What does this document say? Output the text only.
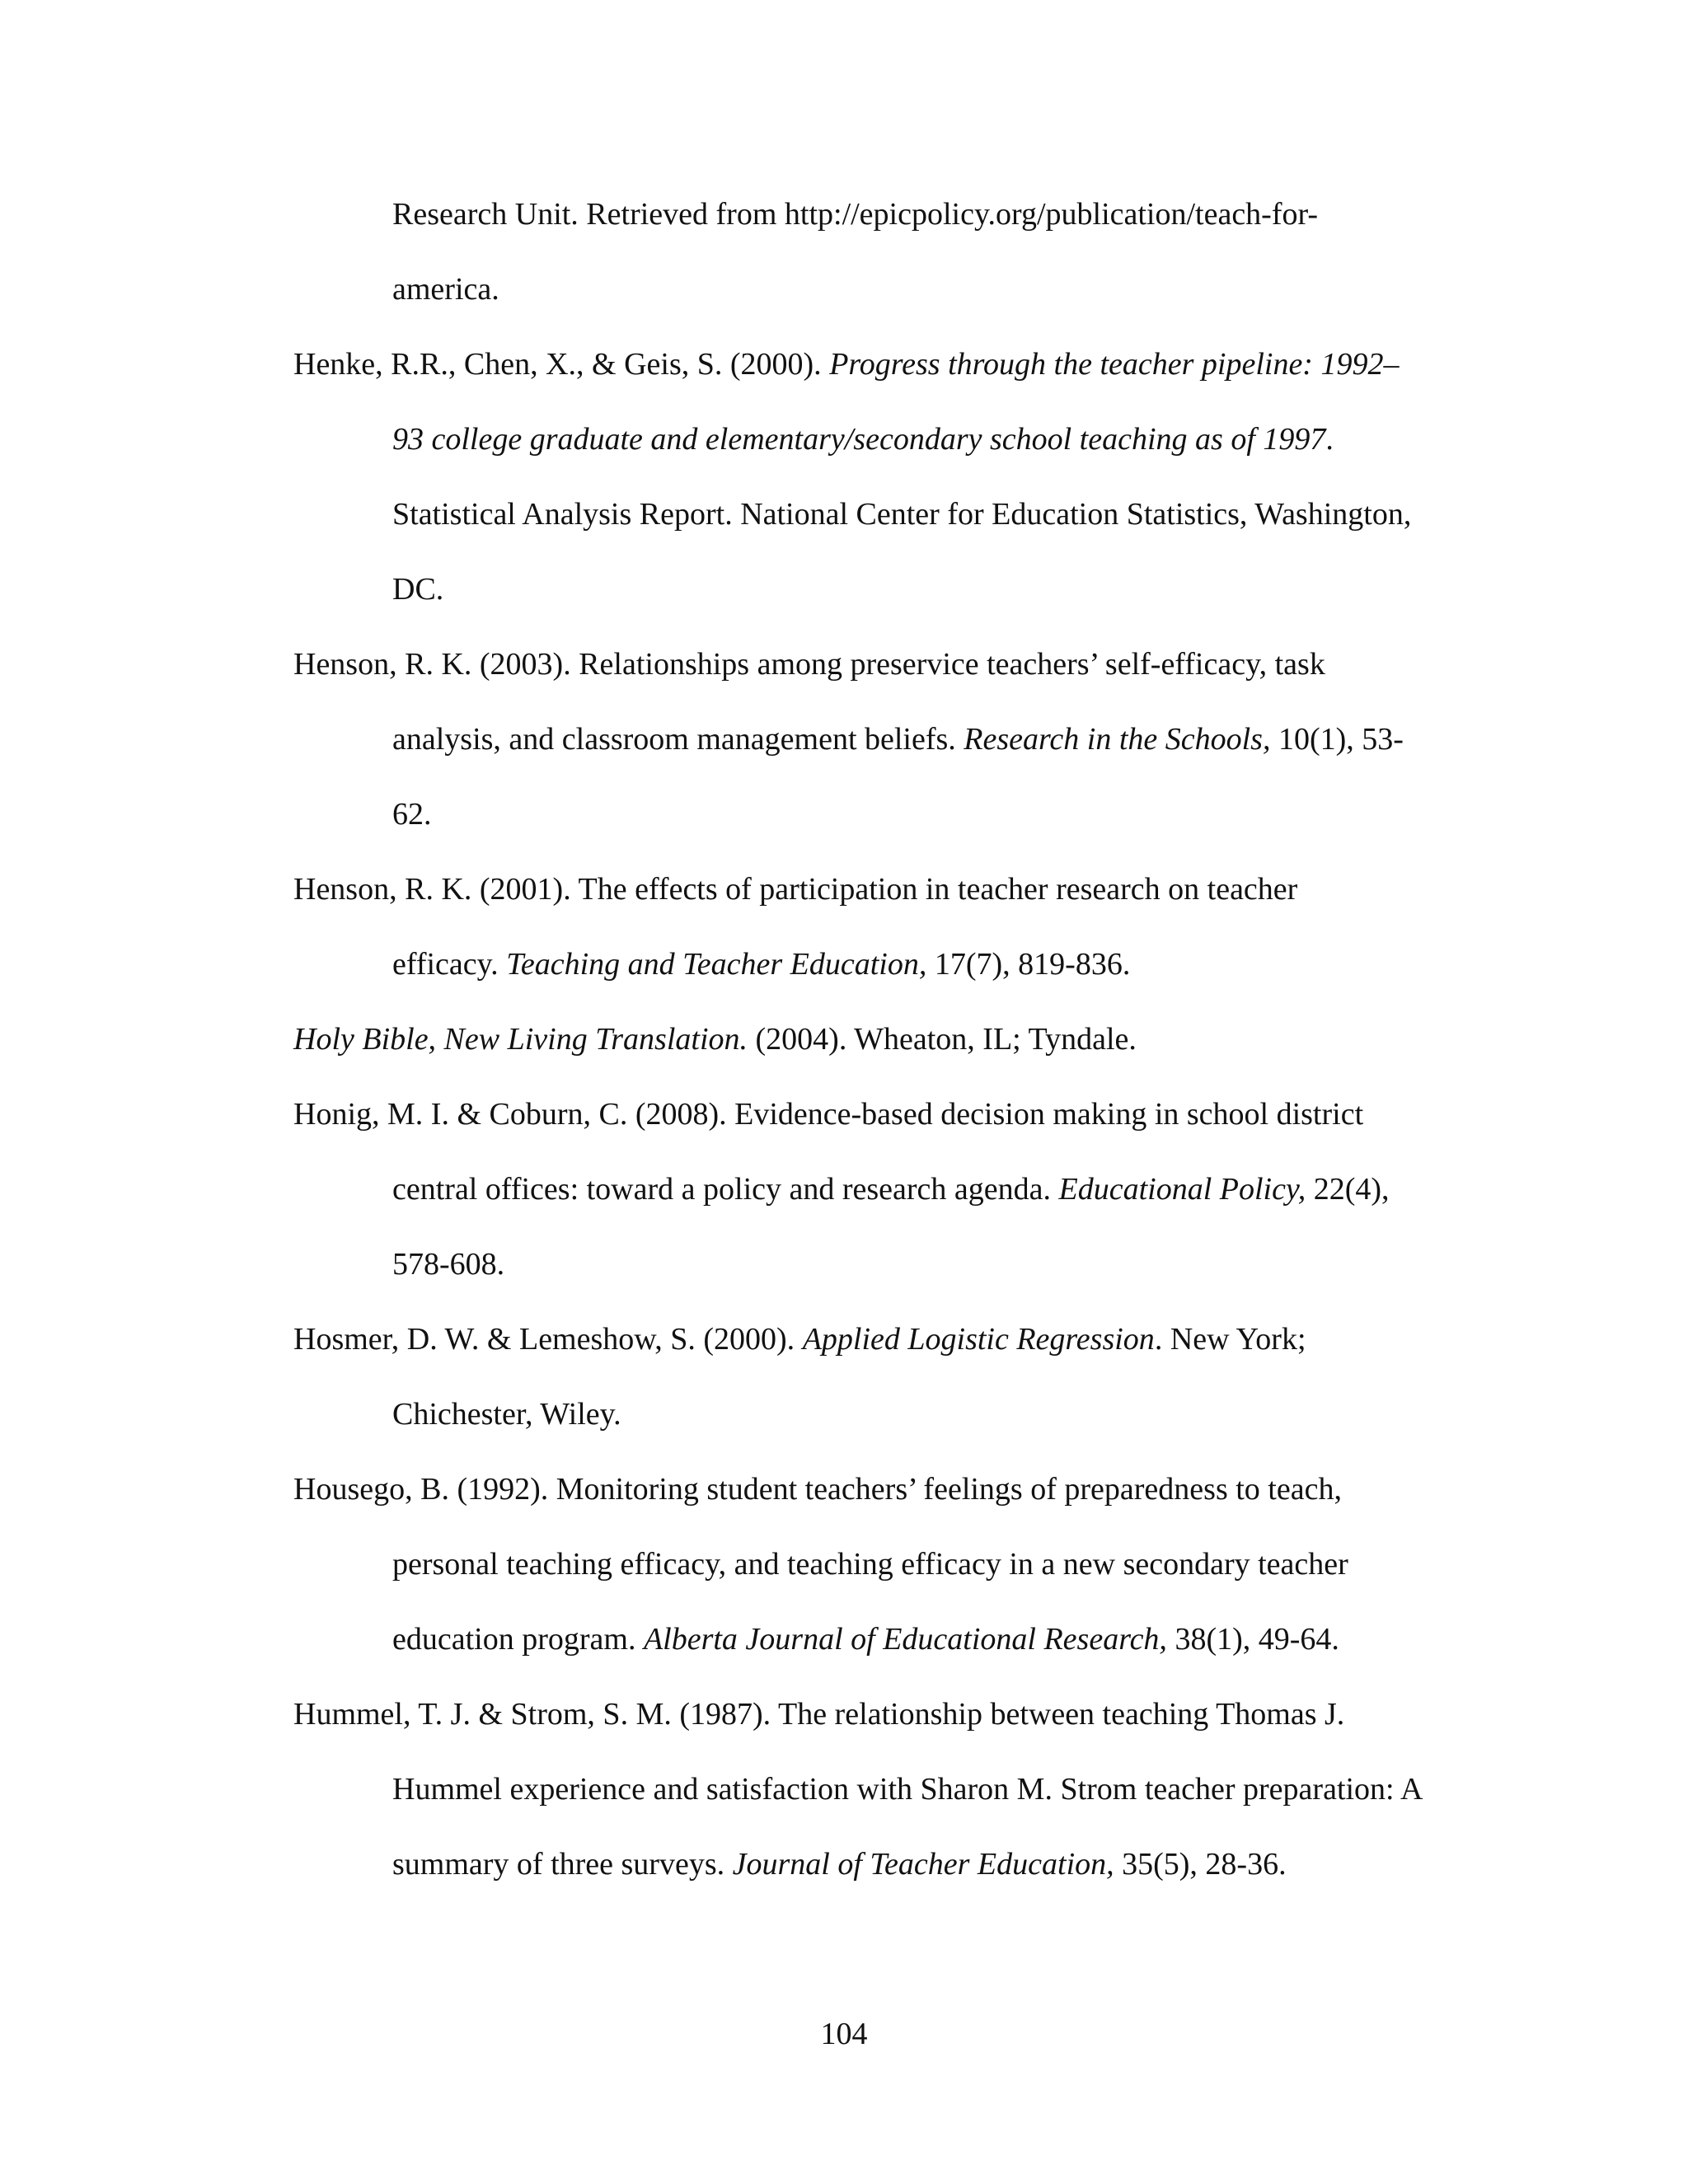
Research Unit. Retrieved from http://epicpolicy.org/publication/teach-for-
america.
Henke, R.R., Chen, X., & Geis, S. (2000). Progress through the teacher pipeline: 1992–
93 college graduate and elementary/secondary school teaching as of 1997.
Statistical Analysis Report. National Center for Education Statistics, Washington,
DC.
Henson, R. K. (2003). Relationships among preservice teachers’ self-efficacy, task
analysis, and classroom management beliefs. Research in the Schools, 10(1), 53-
62.
Henson, R. K. (2001). The effects of participation in teacher research on teacher
efficacy. Teaching and Teacher Education, 17(7), 819-836.
Holy Bible, New Living Translation. (2004). Wheaton, IL; Tyndale.
Honig, M. I. & Coburn, C. (2008). Evidence-based decision making in school district
central offices: toward a policy and research agenda. Educational Policy, 22(4),
578-608.
Hosmer, D. W. & Lemeshow, S. (2000). Applied Logistic Regression. New York;
Chichester, Wiley.
Housego, B. (1992). Monitoring student teachers’ feelings of preparedness to teach,
personal teaching efficacy, and teaching efficacy in a new secondary teacher
education program. Alberta Journal of Educational Research, 38(1), 49-64.
Hummel, T. J. & Strom, S. M. (1987). The relationship between teaching Thomas J.
Hummel experience and satisfaction with Sharon M. Strom teacher preparation: A
summary of three surveys. Journal of Teacher Education, 35(5), 28-36.
104
